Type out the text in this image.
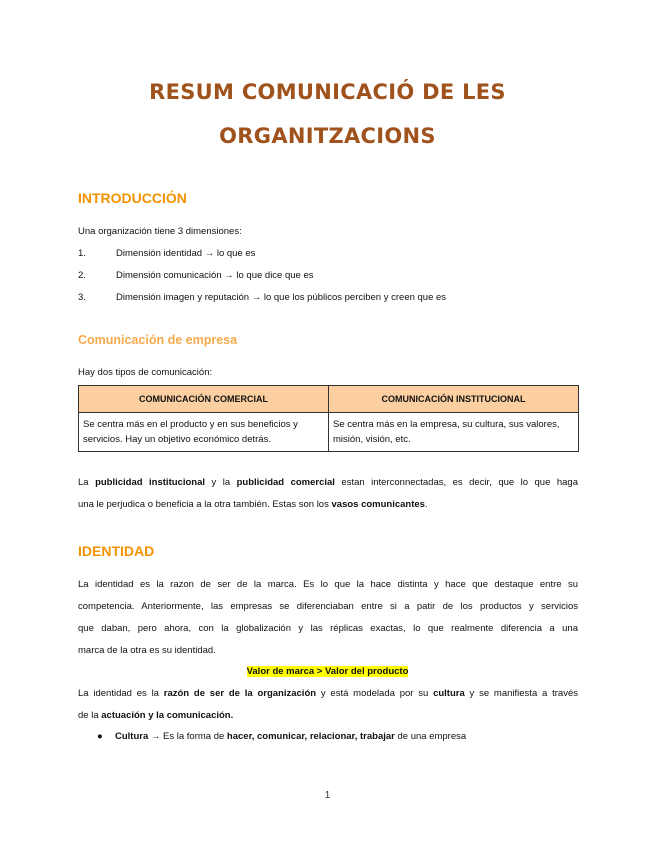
RESUM COMUNICACIÓ DE LES
ORGANITZACIONS
INTRODUCCIÓN
Una organización tiene 3 dimensiones:
1.	Dimensión identidad → lo que es
2.	Dimensión comunicación → lo que dice que es
3.	Dimensión imagen y reputación → lo que los públicos perciben y creen que es
Comunicación de empresa
Hay dos tipos de comunicación:
COMUNICACIÓN COMERCIAL	COMUNICACIÓN INSTITUCIONAL
Se centra más en el producto y en sus beneficios y servicios. Hay un objetivo económico detrás.	Se centra más en la empresa, su cultura, sus valores, misión, visión, etc.
La publicidad institucional y la publicidad comercial estan interconnectadas, es decir, que lo que haga
una le perjudica o beneficia a la otra también. Estas son los vasos comunicantes.
IDENTIDAD
La identidad es la razon de ser de la marca. Es lo que la hace distinta y hace que destaque entre su
competencia. Anteriormente, las empresas se diferenciaban entre si a patir de los productos y servicios
que daban, pero ahora, con la globalización y las réplicas exactas, lo que realmente diferencia a una
marca de la otra es su identidad.
Valor de marca > Valor del producto
La identidad es la razón de ser de la organización y está modelada por su cultura y se manifiesta a través
de la actuación y la comunicación.
● Cultura → Es la forma de hacer, comunicar, relacionar, trabajar de una empresa
1
